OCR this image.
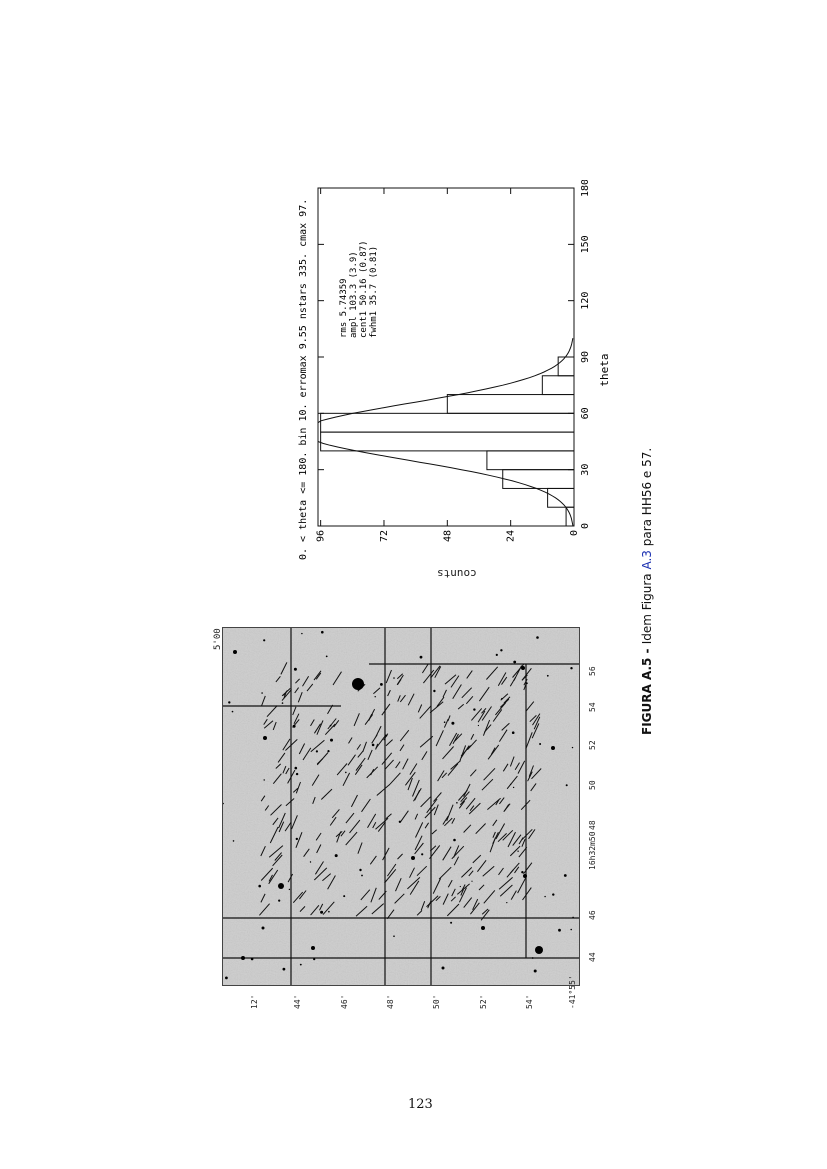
5'00
12'	44'	46'	48'	50'	52'	54'	-41°55'
56
54
52
50
48
16h32m50
46
44
0. < theta <= 180. bin 10. erromax 9.55 nstars 335. cmax 97.	0
30
60
90
120
150
180
0
24
48
72
96
theta
rms 5.74359 ampl 103.3 (3.9) cent1 50.16 (0.87) fwhm1 35.7 (0.81)
counts
FIGURA A.5 - Idem Figura A.3 para HH56 e 57.
123
